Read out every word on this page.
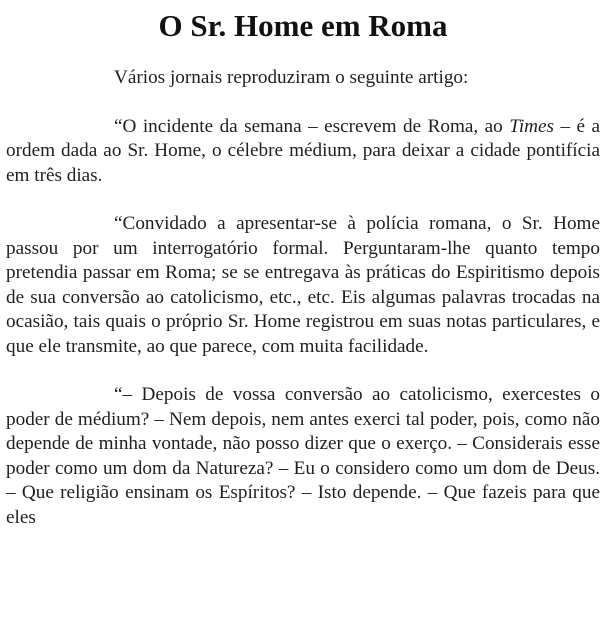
O Sr. Home em Roma

Vários jornais reproduziram o seguinte artigo:

“O incidente da semana – escrevem de Roma, ao Times – é a ordem dada ao Sr. Home, o célebre médium, para deixar a cidade pontifícia em três dias.

“Convidado a apresentar-se à polícia romana, o Sr. Home passou por um interrogatório formal. Perguntaram-lhe quanto tempo pretendia passar em Roma; se se entregava às práticas do Espiritismo depois de sua conversão ao catolicismo, etc., etc. Eis algumas palavras trocadas na ocasião, tais quais o próprio Sr. Home registrou em suas notas particulares, e que ele transmite, ao que parece, com muita facilidade.

“– Depois de vossa conversão ao catolicismo, exercestes o poder de médium? – Nem depois, nem antes exerci tal poder, pois, como não depende de minha vontade, não posso dizer que o exerço. – Considerais esse poder como um dom da Natureza? – Eu o considero como um dom de Deus. – Que religião ensinam os Espíritos? – Isto depende. – Que fazeis para que eles
